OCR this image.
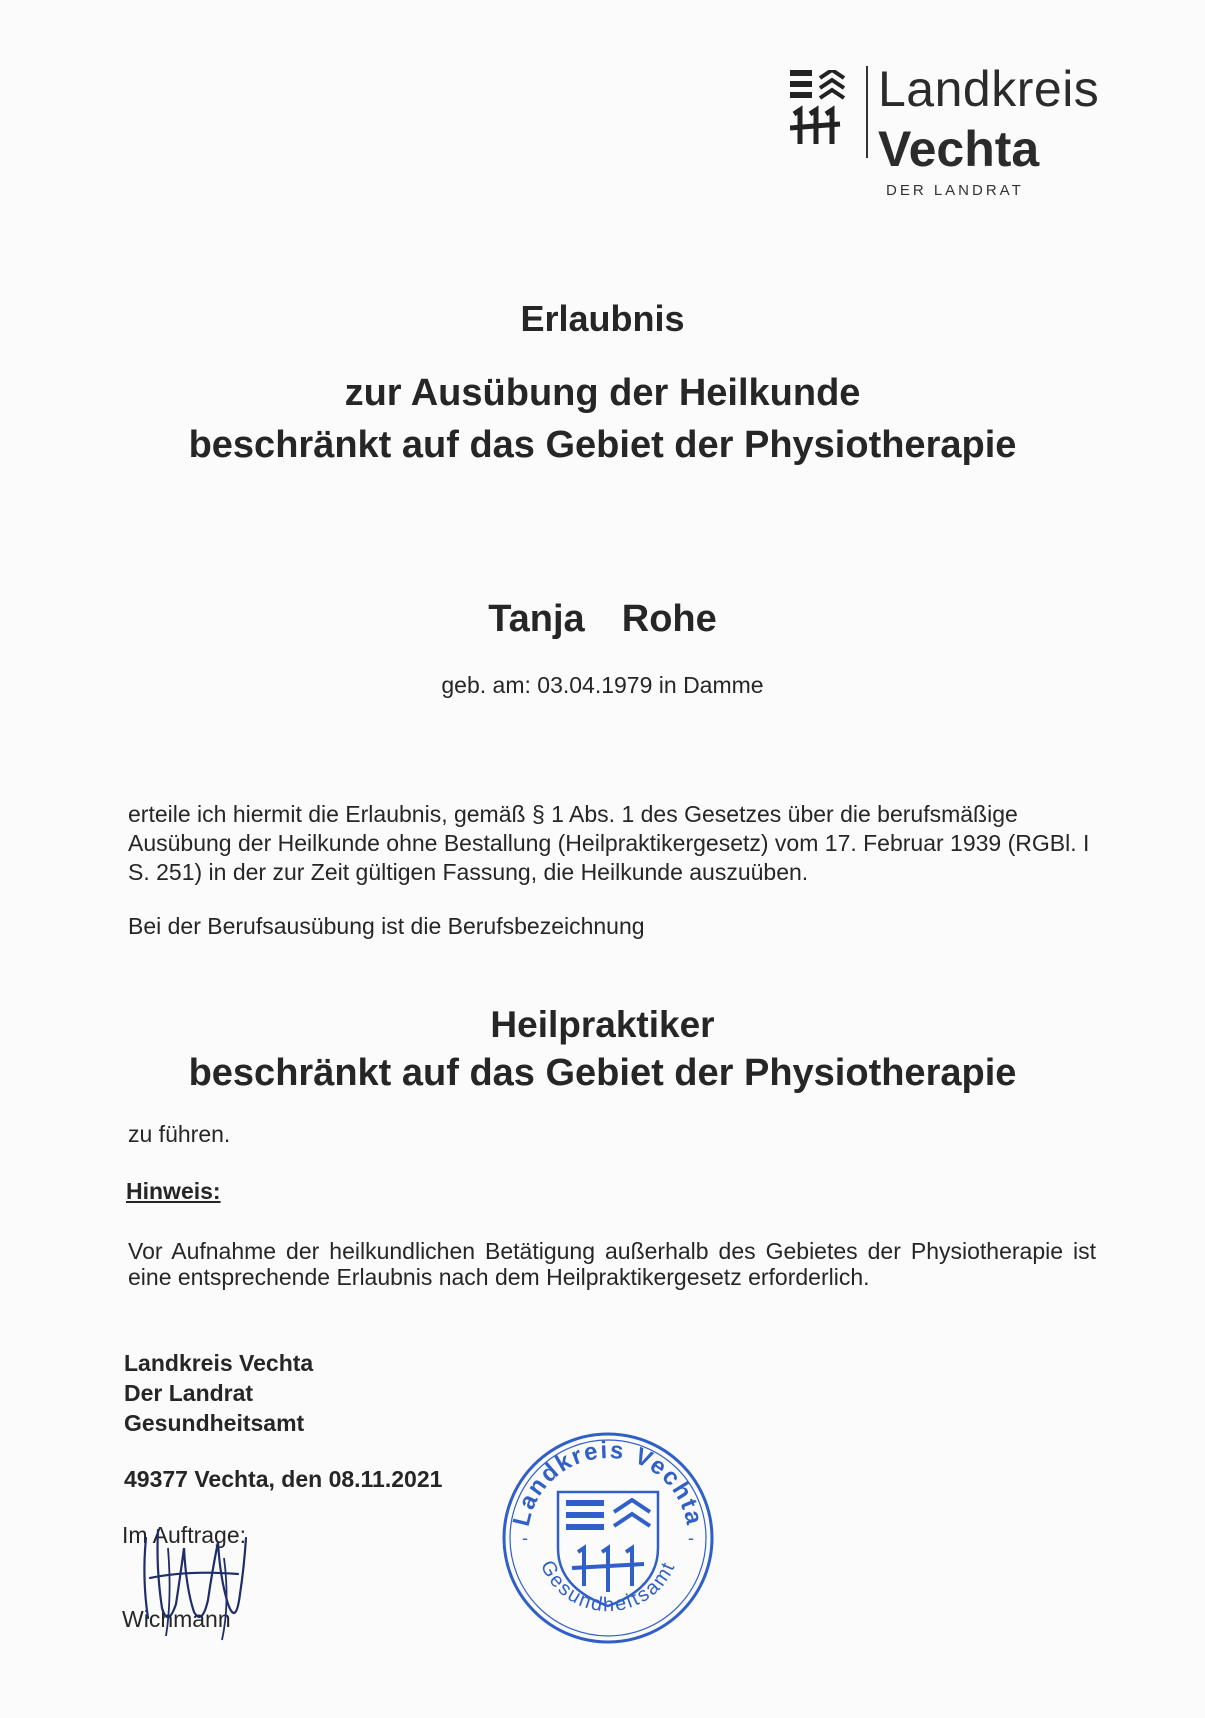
Landkreis
Vechta
DER LANDRAT
Erlaubnis
zur Ausübung der Heilkunde
beschränkt auf das Gebiet der Physiotherapie
Tanja  Rohe
geb. am: 03.04.1979 in Damme
erteile ich hiermit die Erlaubnis, gemäß § 1 Abs. 1 des Gesetzes über die berufsmäßige Ausübung der Heilkunde ohne Bestallung (Heilpraktikergesetz) vom 17. Februar 1939 (RGBl. I S. 251) in der zur Zeit gültigen Fassung, die Heilkunde auszuüben.
Bei der Berufsausübung ist die Berufsbezeichnung
Heilpraktiker
beschränkt auf das Gebiet der Physiotherapie
zu führen.
Hinweis:
Vor Aufnahme der heilkundlichen Betätigung außerhalb des Gebietes der Physiotherapie ist eine entsprechende Erlaubnis nach dem Heilpraktikergesetz erforderlich.
Landkreis Vechta
Der Landrat
Gesundheitsamt
49377 Vechta, den 08.11.2021
Im Auftrage:
Wichmann
Landkreis Vechta
Gesundheitsamt
-	-
